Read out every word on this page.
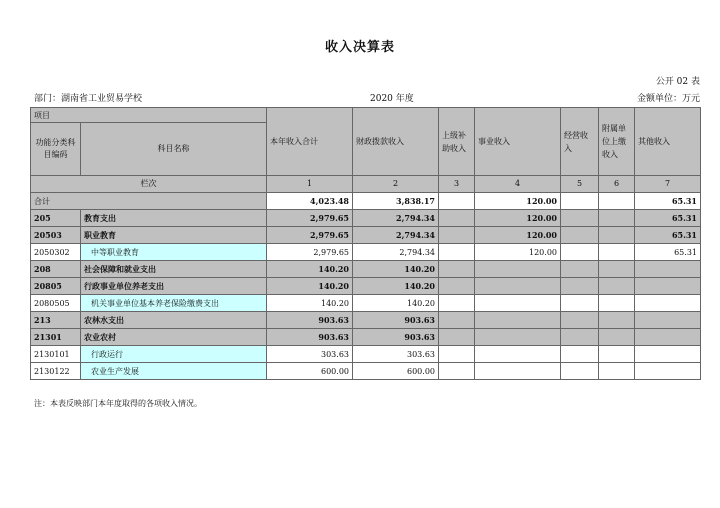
收入决算表
公开 02 表
部门：湖南省工业贸易学校	2020 年度	金额单位：万元
项目		本年收入合计	财政拨款收入	上级补助收入	事业收入	经营收入	附属单位上缴收入	其他收入
功能分类科目编码	科目名称							
栏次		1	2	3	4	5	6	7
合计		4,023.48	3,838.17		120.00			65.31
205	教育支出	2,979.65	2,794.34		120.00			65.31
20503	职业教育	2,979.65	2,794.34		120.00			65.31
2050302	中等职业教育	2,979.65	2,794.34		120.00			65.31
208	社会保障和就业支出	140.20	140.20					
20805	行政事业单位养老支出	140.20	140.20					
2080505	机关事业单位基本养老保险缴费支出	140.20	140.20					
213	农林水支出	903.63	903.63					
21301	农业农村	903.63	903.63					
2130101	行政运行	303.63	303.63					
2130122	农业生产发展	600.00	600.00					
注：本表反映部门本年度取得的各项收入情况。
